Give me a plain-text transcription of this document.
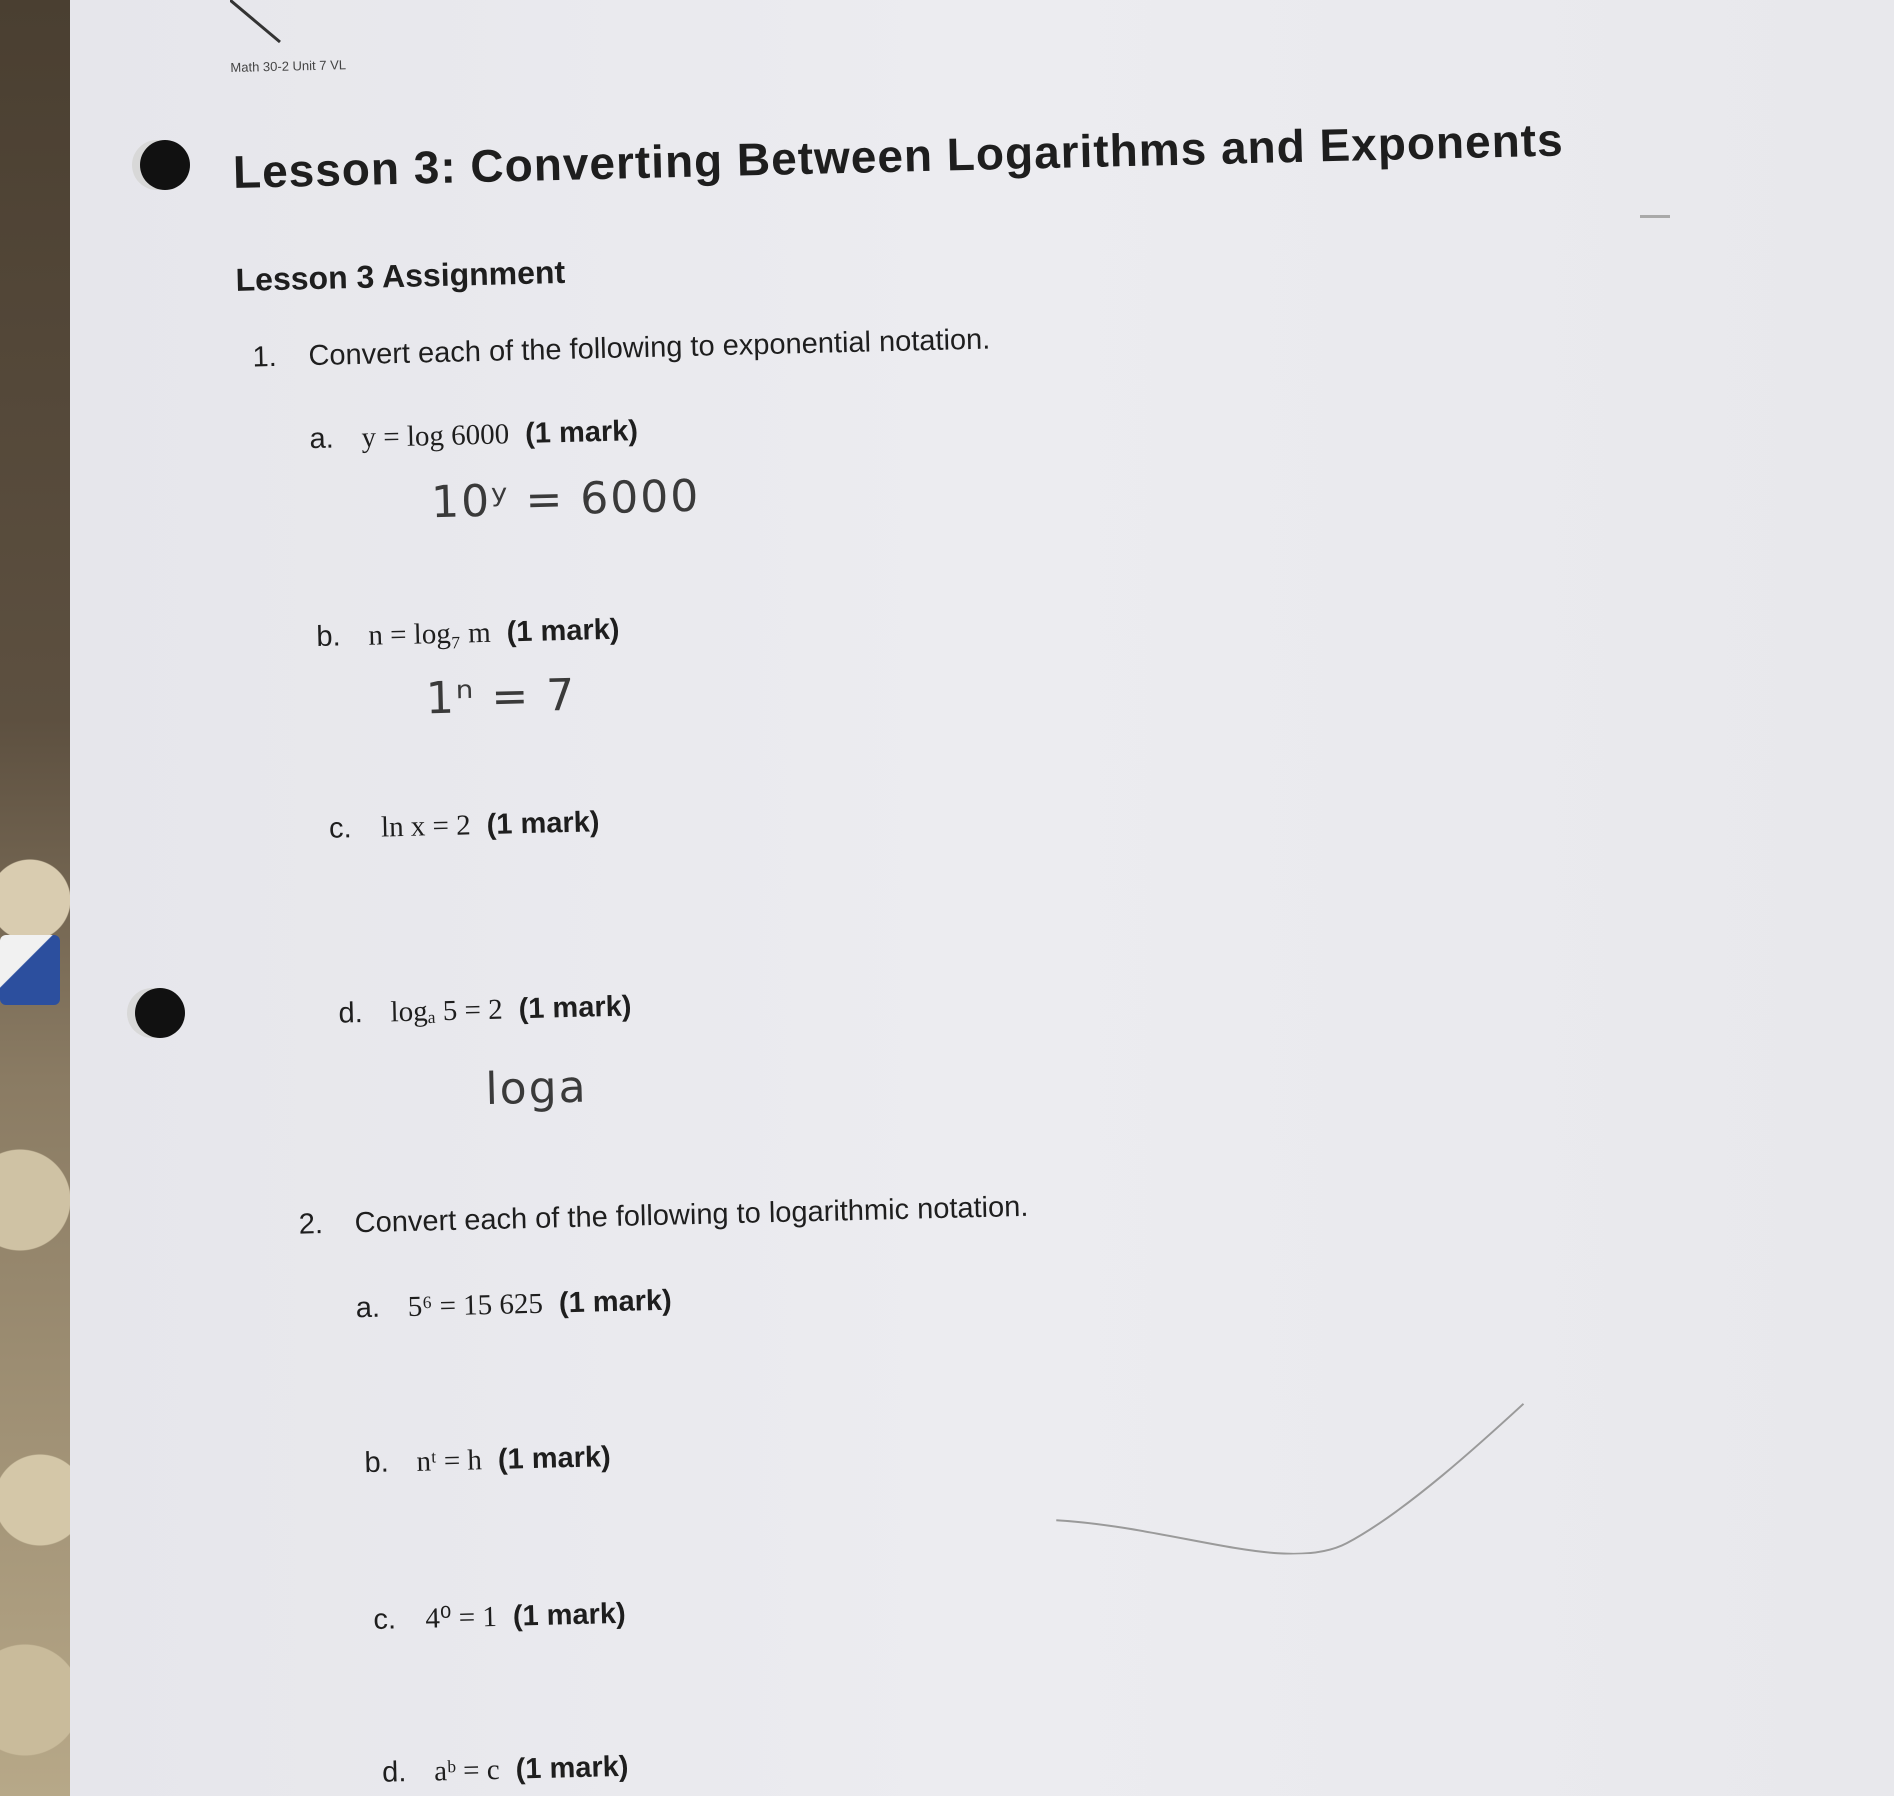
Math 30-2 Unit 7 VL
Lesson 3: Converting Between Logarithms and Exponents
Lesson 3 Assignment
1. Convert each of the following to exponential notation.
a. y = log 6000 (1 mark)
10ʸ = 6000
b. n = log₇ m (1 mark)
1ⁿ = 7
c. ln x = 2 (1 mark)
d. logₐ 5 = 2 (1 mark)
loga
2. Convert each of the following to logarithmic notation.
a. 5⁶ = 15 625 (1 mark)
b. nᵗ = h (1 mark)
c. 4⁰ = 1 (1 mark)
d. aᵇ = c (1 mark)
